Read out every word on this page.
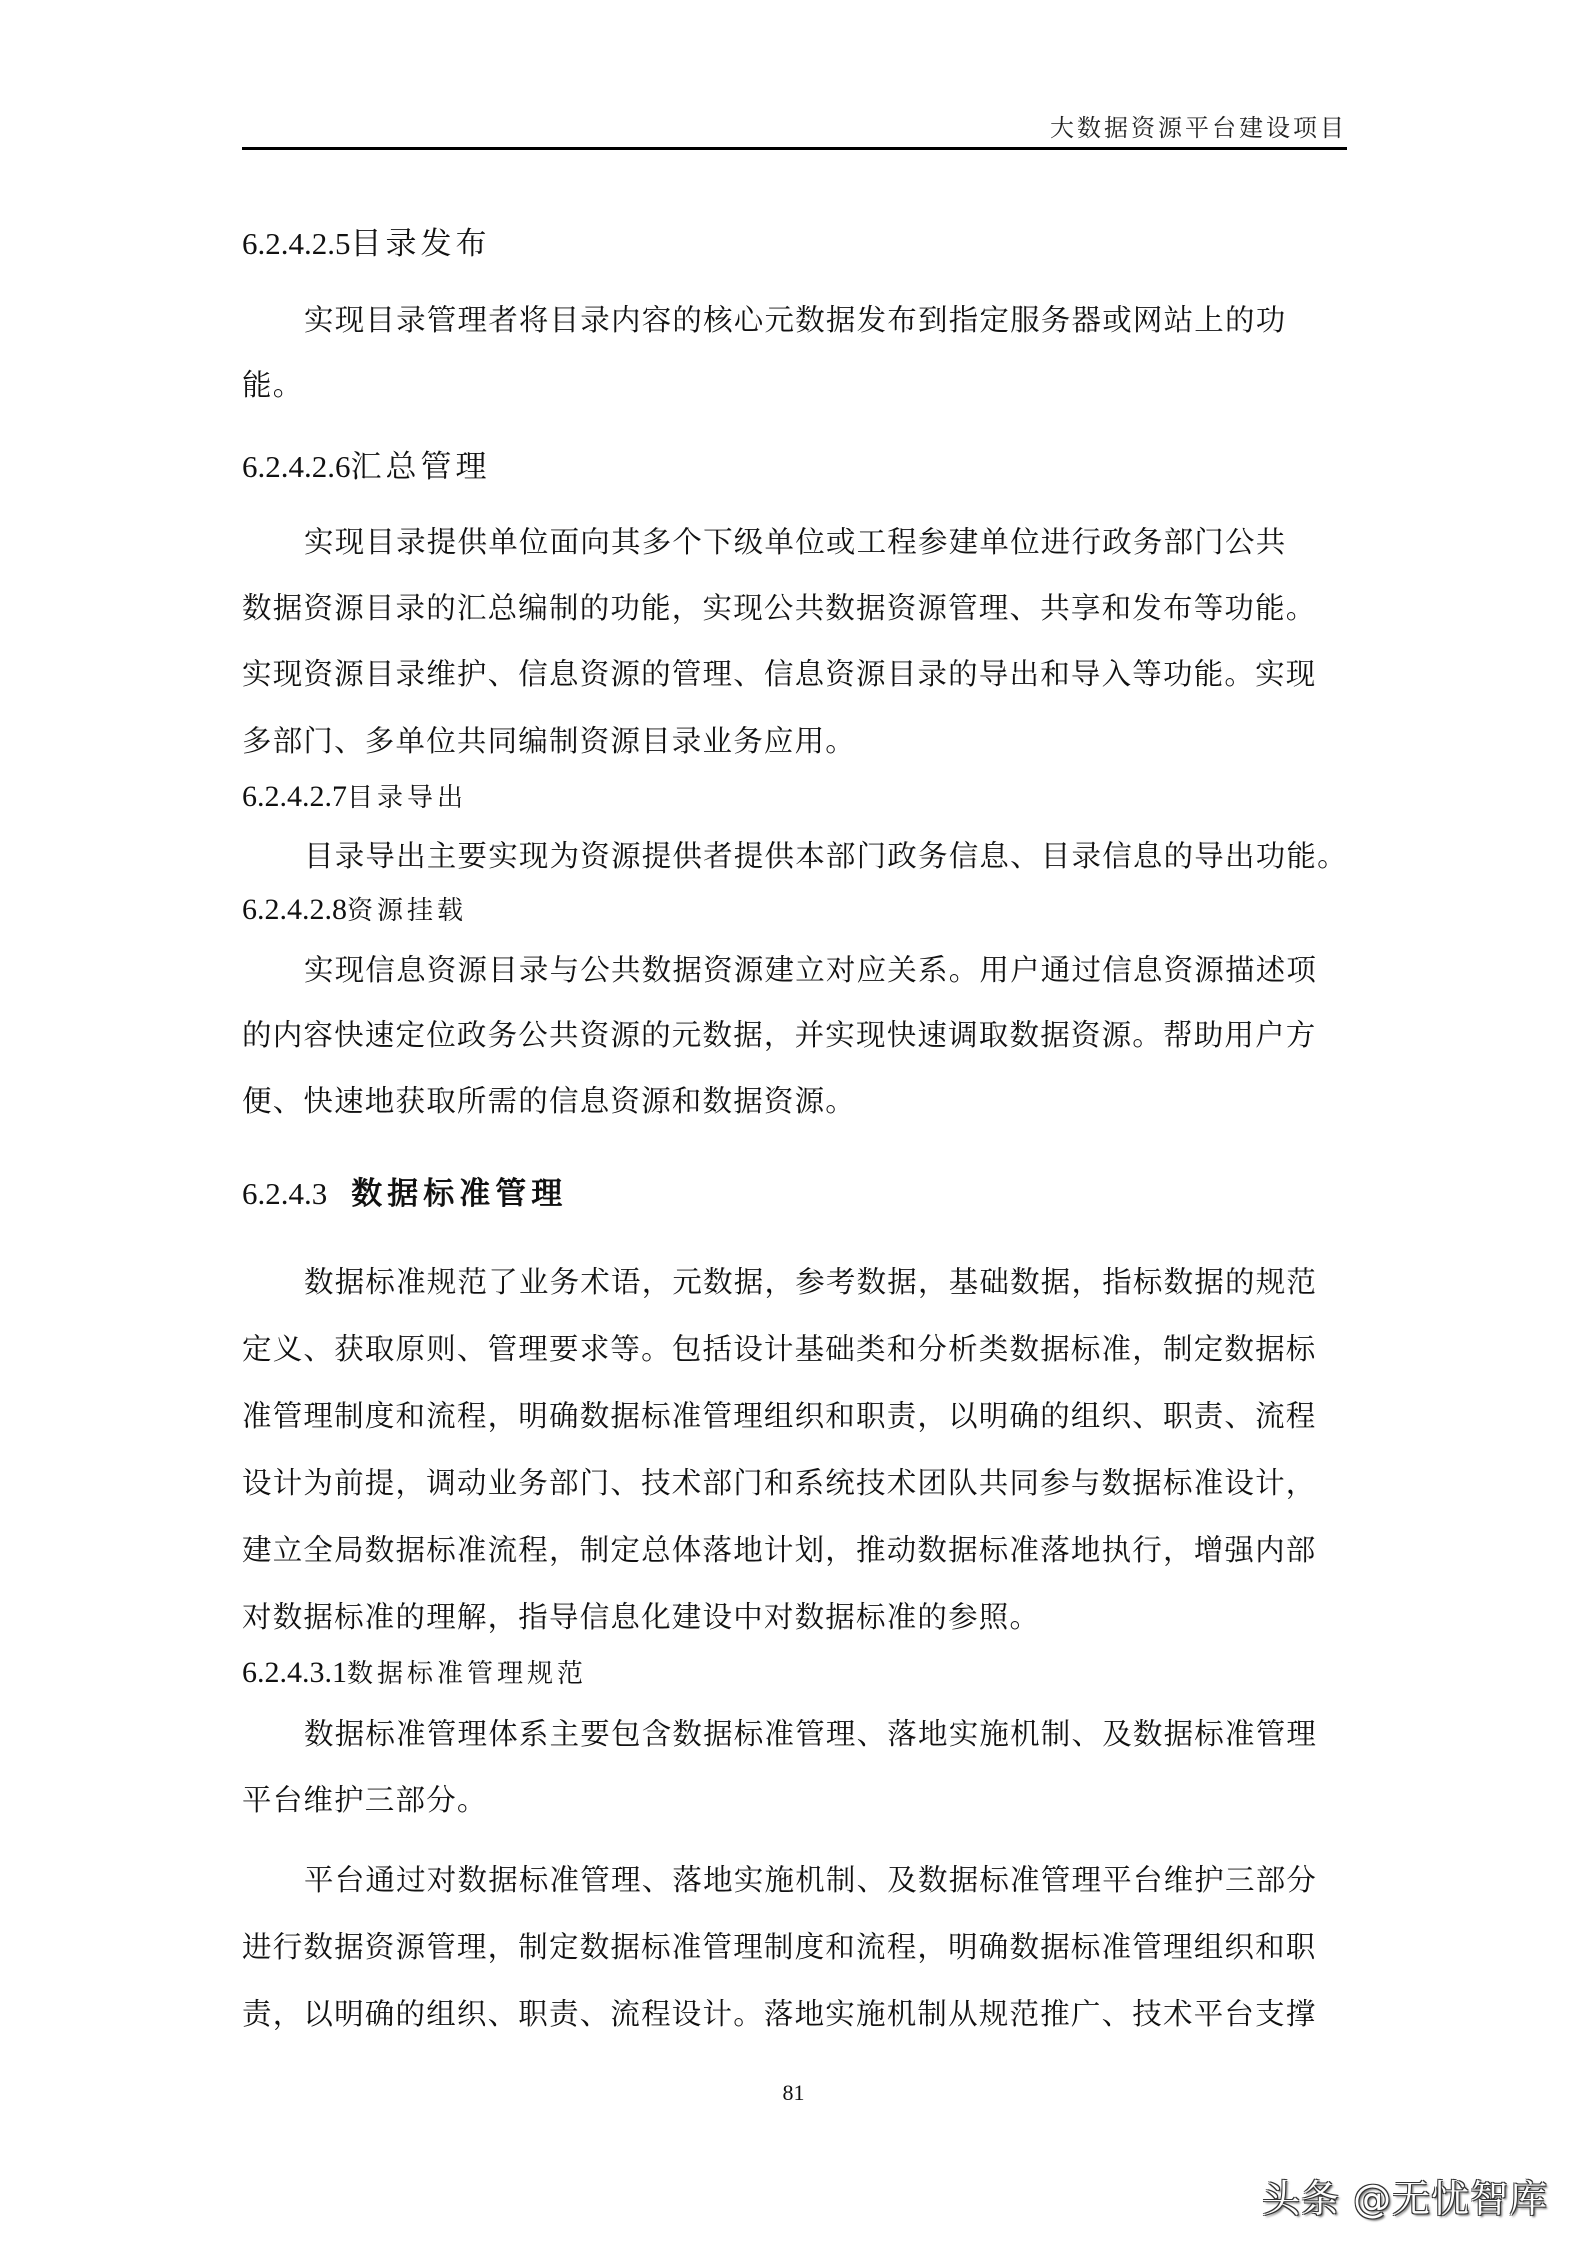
大数据资源平台建设项目
6.2.4.2.5目录发布
实现目录管理者将目录内容的核心元数据发布到指定服务器或网站上的功
能。
6.2.4.2.6汇总管理
实现目录提供单位面向其多个下级单位或工程参建单位进行政务部门公共
数据资源目录的汇总编制的功能，实现公共数据资源管理、共享和发布等功能。
实现资源目录维护、信息资源的管理、信息资源目录的导出和导入等功能。实现
多部门、多单位共同编制资源目录业务应用。
6.2.4.2.7目录导出
目录导出主要实现为资源提供者提供本部门政务信息、目录信息的导出功能。
6.2.4.2.8资源挂载
实现信息资源目录与公共数据资源建立对应关系。用户通过信息资源描述项
的内容快速定位政务公共资源的元数据，并实现快速调取数据资源。帮助用户方
便、快速地获取所需的信息资源和数据资源。
6.2.4.3 数据标准管理
数据标准规范了业务术语，元数据，参考数据，基础数据，指标数据的规范
定义、获取原则、管理要求等。包括设计基础类和分析类数据标准，制定数据标
准管理制度和流程，明确数据标准管理组织和职责，以明确的组织、职责、流程
设计为前提，调动业务部门、技术部门和系统技术团队共同参与数据标准设计，
建立全局数据标准流程，制定总体落地计划，推动数据标准落地执行，增强内部
对数据标准的理解，指导信息化建设中对数据标准的参照。
6.2.4.3.1数据标准管理规范
数据标准管理体系主要包含数据标准管理、落地实施机制、及数据标准管理
平台维护三部分。
平台通过对数据标准管理、落地实施机制、及数据标准管理平台维护三部分
进行数据资源管理，制定数据标准管理制度和流程，明确数据标准管理组织和职
责，以明确的组织、职责、流程设计。落地实施机制从规范推广、技术平台支撑
81
头条 @无忧智库
